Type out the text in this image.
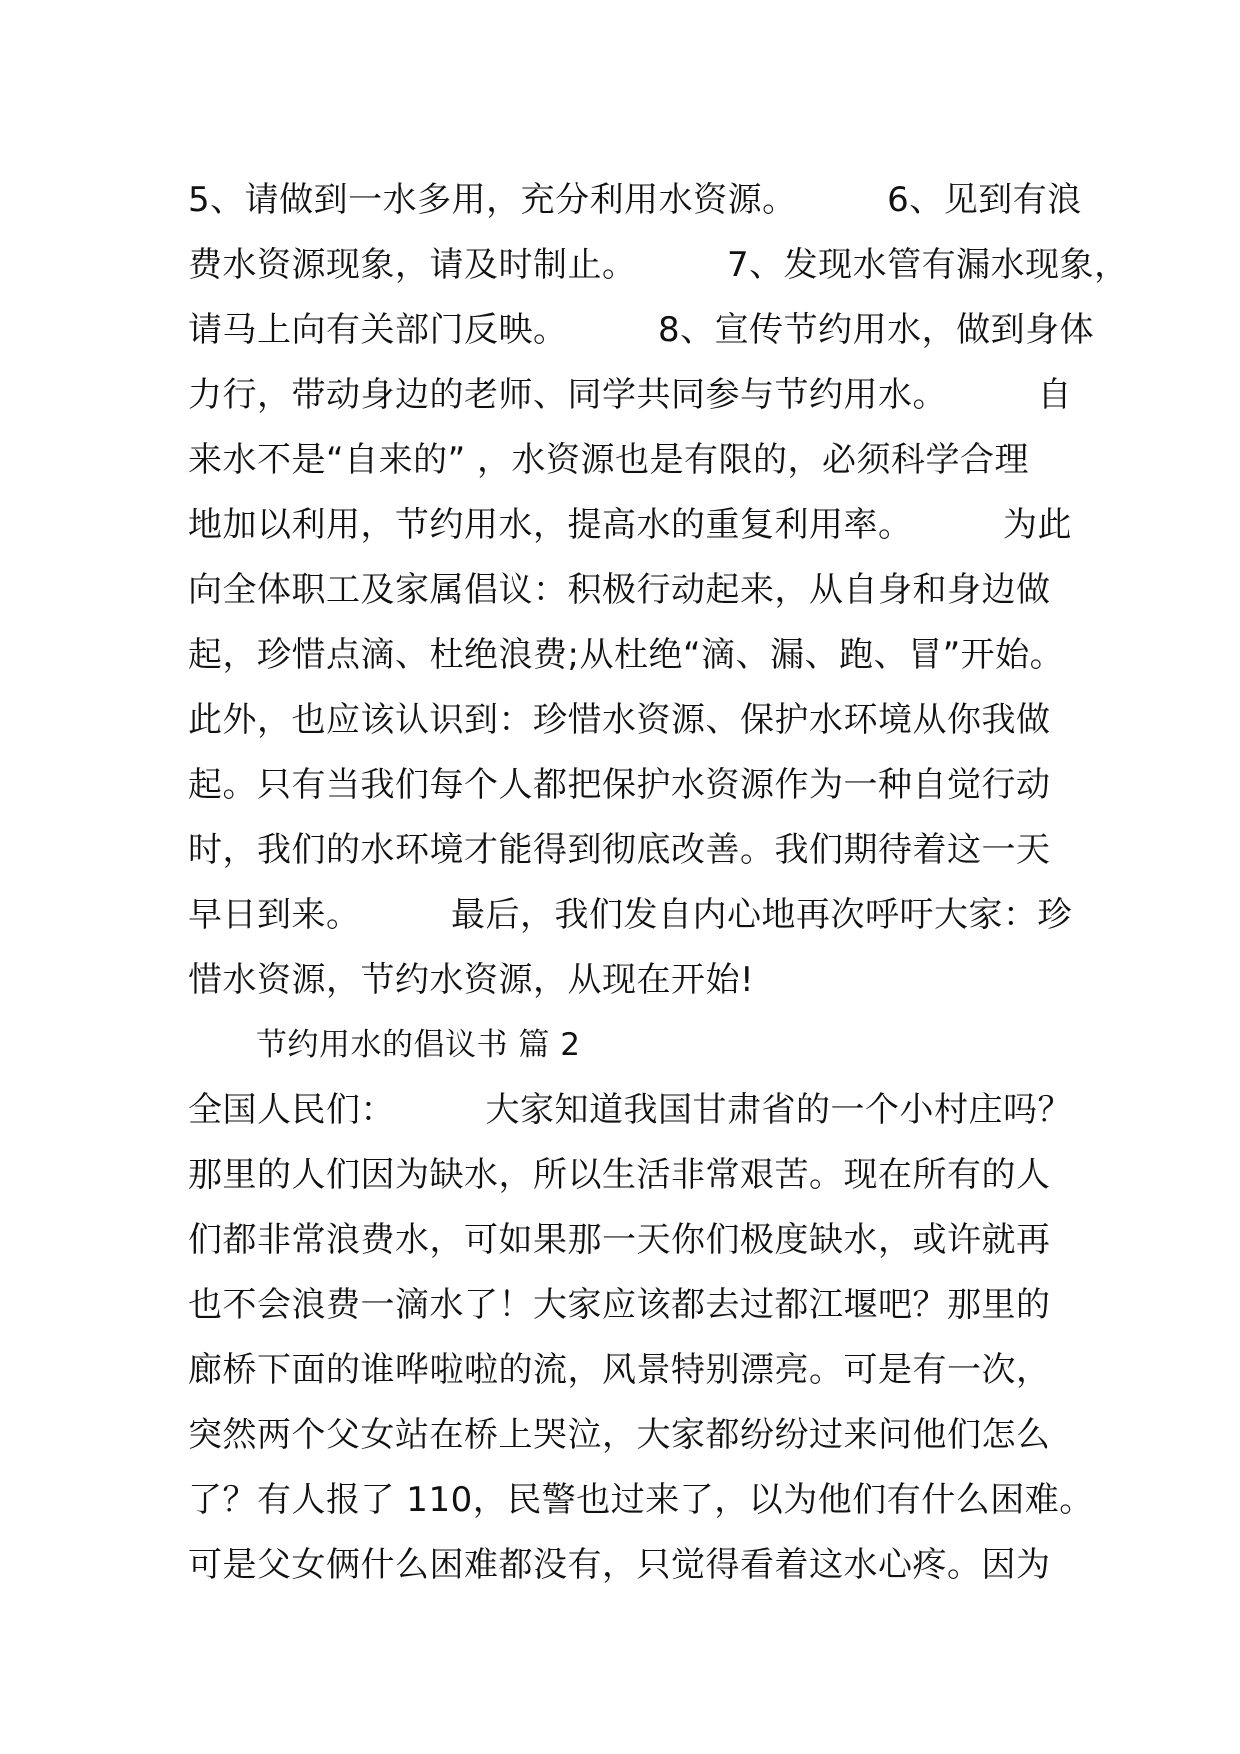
5、请做到一水多用，充分利用水资源。        6、见到有浪
费水资源现象，请及时制止。        7、发现水管有漏水现象，
请马上向有关部门反映。        8、宣传节约用水，做到身体
力行，带动身边的老师、同学共同参与节约用水。        自
来水不是“自来的” ，水资源也是有限的，必须科学合理
地加以利用，节约用水，提高水的重复利用率。        为此
向全体职工及家属倡议：积极行动起来，从自身和身边做
起，珍惜点滴、杜绝浪费;从杜绝“滴、漏、跑、冒”开始。
此外，也应该认识到：珍惜水资源、保护水环境从你我做
起。只有当我们每个人都把保护水资源作为一种自觉行动
时，我们的水环境才能得到彻底改善。我们期待着这一天
早日到来。        最后，我们发自内心地再次呼吁大家：珍
惜水资源，节约水资源，从现在开始!
节约用水的倡议书 篇 2
全国人民们：        大家知道我国甘肃省的一个小村庄吗？
那里的人们因为缺水，所以生活非常艰苦。现在所有的人
们都非常浪费水，可如果那一天你们极度缺水，或许就再
也不会浪费一滴水了！大家应该都去过都江堰吧？那里的
廊桥下面的谁哗啦啦的流，风景特别漂亮。可是有一次，
突然两个父女站在桥上哭泣，大家都纷纷过来问他们怎么
了？有人报了 110，民警也过来了，以为他们有什么困难。
可是父女俩什么困难都没有，只觉得看着这水心疼。因为
